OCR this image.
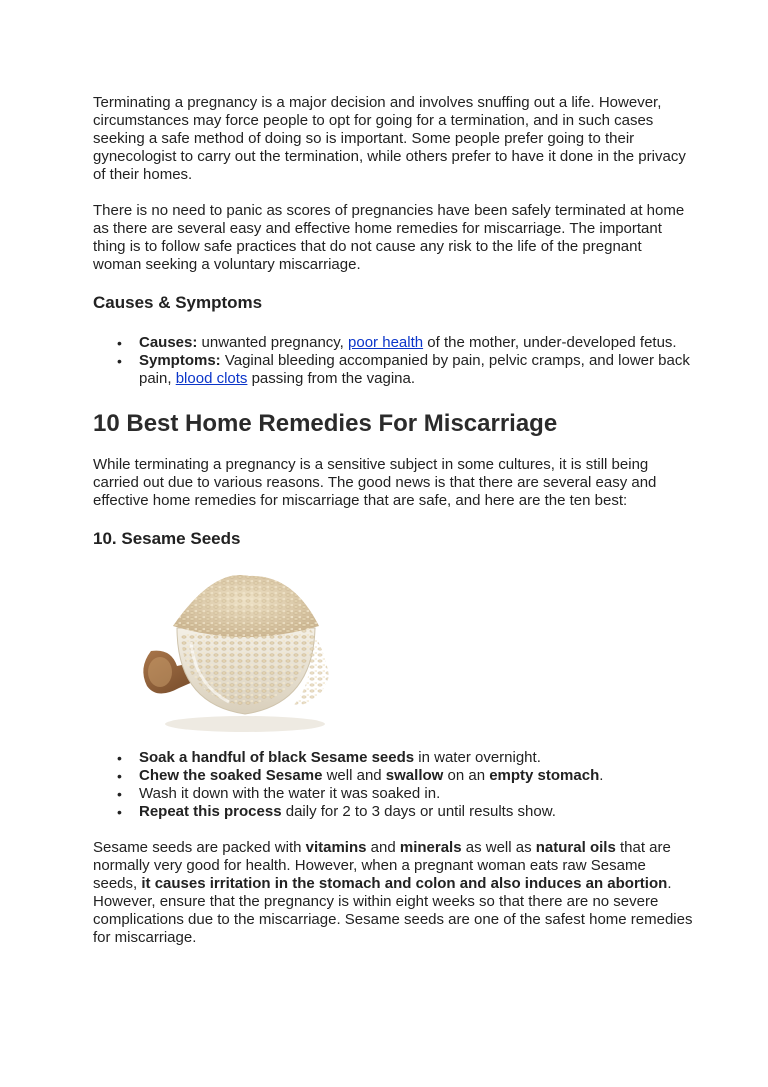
Terminating a pregnancy is a major decision and involves snuffing out a life. However, circumstances may force people to opt for going for a termination, and in such cases seeking a safe method of doing so is important. Some people prefer going to their gynecologist to carry out the termination, while others prefer to have it done in the privacy of their homes.

There is no need to panic as scores of pregnancies have been safely terminated at home as there are several easy and effective home remedies for miscarriage. The important thing is to follow safe practices that do not cause any risk to the life of the pregnant woman seeking a voluntary miscarriage.

Causes & Symptoms
• Causes: unwanted pregnancy, poor health of the mother, under-developed fetus.
• Symptoms: Vaginal bleeding accompanied by pain, pelvic cramps, and lower back pain, blood clots passing from the vagina.
10 Best Home Remedies For Miscarriage

While terminating a pregnancy is a sensitive subject in some cultures, it is still being carried out due to various reasons. The good news is that there are several easy and effective home remedies for miscarriage that are safe, and here are the ten best:

10. Sesame Seeds
• Soak a handful of black Sesame seeds in water overnight.
• Chew the soaked Sesame well and swallow on an empty stomach.
• Wash it down with the water it was soaked in.
• Repeat this process daily for 2 to 3 days or until results show.

Sesame seeds are packed with vitamins and minerals as well as natural oils that are normally very good for health. However, when a pregnant woman eats raw Sesame seeds, it causes irritation in the stomach and colon and also induces an abortion. However, ensure that the pregnancy is within eight weeks so that there are no severe complications due to the miscarriage. Sesame seeds are one of the safest home remedies for miscarriage.
